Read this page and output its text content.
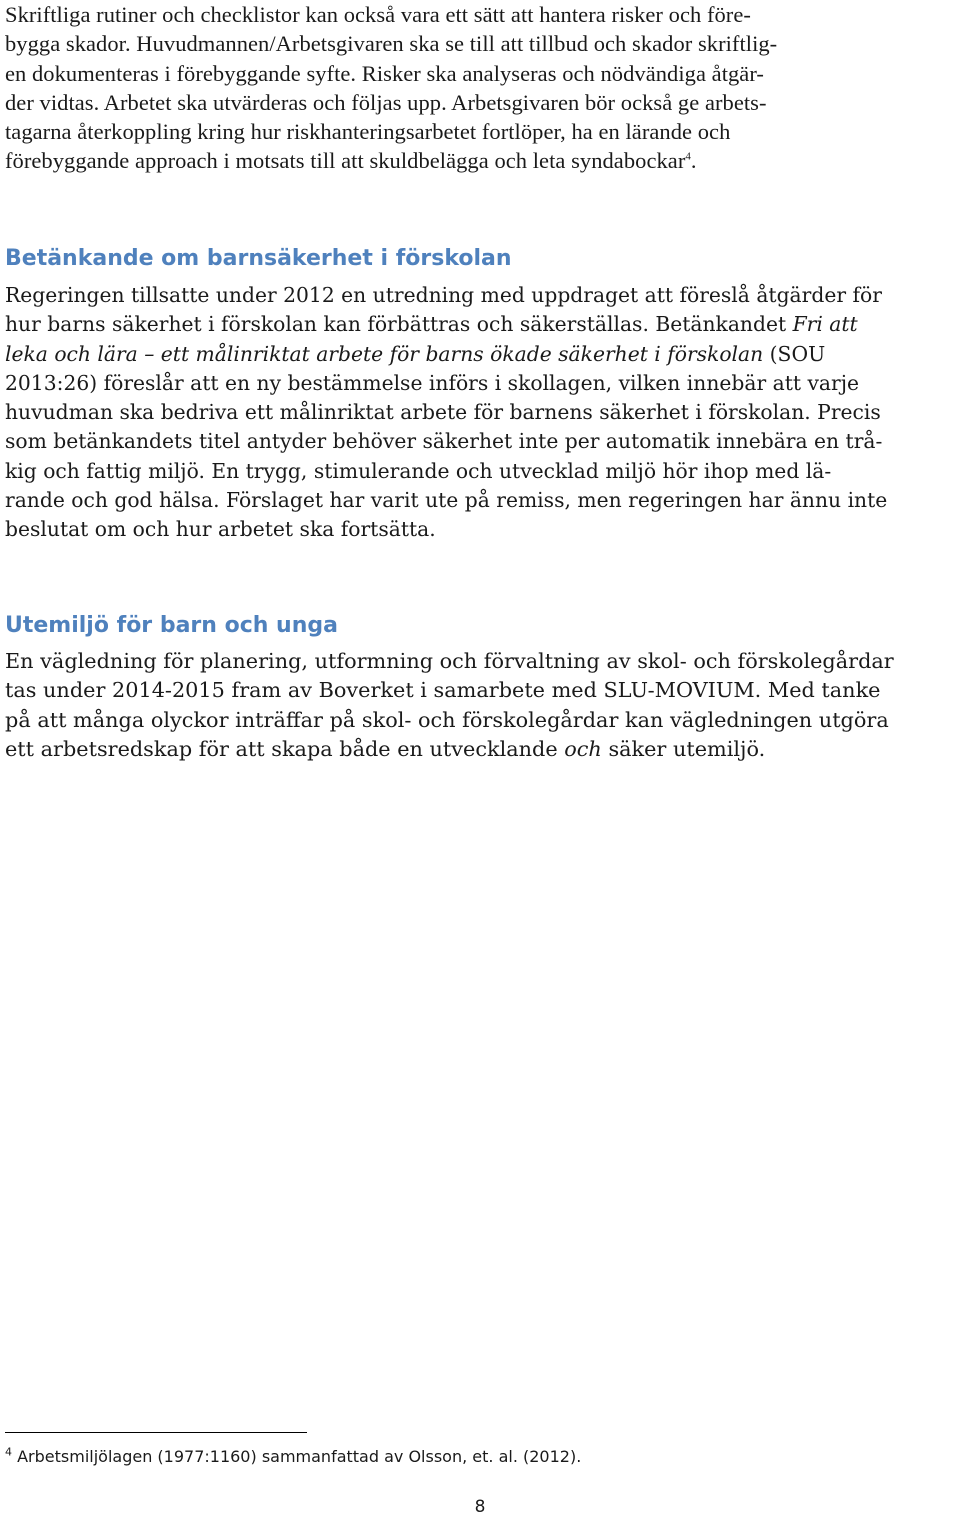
Skriftliga rutiner och checklistor kan också vara ett sätt att hantera risker och före-
bygga skador. Huvudmannen/Arbetsgivaren ska se till att tillbud och skador skriftlig-
en dokumenteras i förebyggande syfte. Risker ska analyseras och nödvändiga åtgär-
der vidtas. Arbetet ska utvärderas och följas upp. Arbetsgivaren bör också ge arbets-
tagarna återkoppling kring hur riskhanteringsarbetet fortlöper, ha en lärande och
förebyggande approach i motsats till att skuldbelägga och leta syndabockar$^4$.

Betänkande om barnsäkerhet i förskolan

Regeringen tillsatte under 2012 en utredning med uppdraget att föreslå åtgärder för
hur barns säkerhet i förskolan kan förbättras och säkerställas. Betänkandet Fri att
leka och lära – ett målinriktat arbete för barns ökade säkerhet i förskolan (SOU
2013:26) föreslår att en ny bestämmelse införs i skollagen, vilken innebär att varje
huvudman ska bedriva ett målinriktat arbete för barnens säkerhet i förskolan. Precis
som betänkandets titel antyder behöver säkerhet inte per automatik innebära en trå-
kig och fattig miljö. En trygg, stimulerande och utvecklad miljö hör ihop med lä-
rande och god hälsa. Förslaget har varit ute på remiss, men regeringen har ännu inte
beslutat om och hur arbetet ska fortsätta.

Utemiljö för barn och unga

En vägledning för planering, utformning och förvaltning av skol- och förskolegårdar
tas under 2014-2015 fram av Boverket i samarbete med SLU-MOVIUM. Med tanke
på att många olyckor inträffar på skol- och förskolegårdar kan vägledningen utgöra
ett arbetsredskap för att skapa både en utvecklande och säker utemiljö.

$^4$ Arbetsmiljölagen (1977:1160) sammanfattad av Olsson, et. al. (2012).
8
